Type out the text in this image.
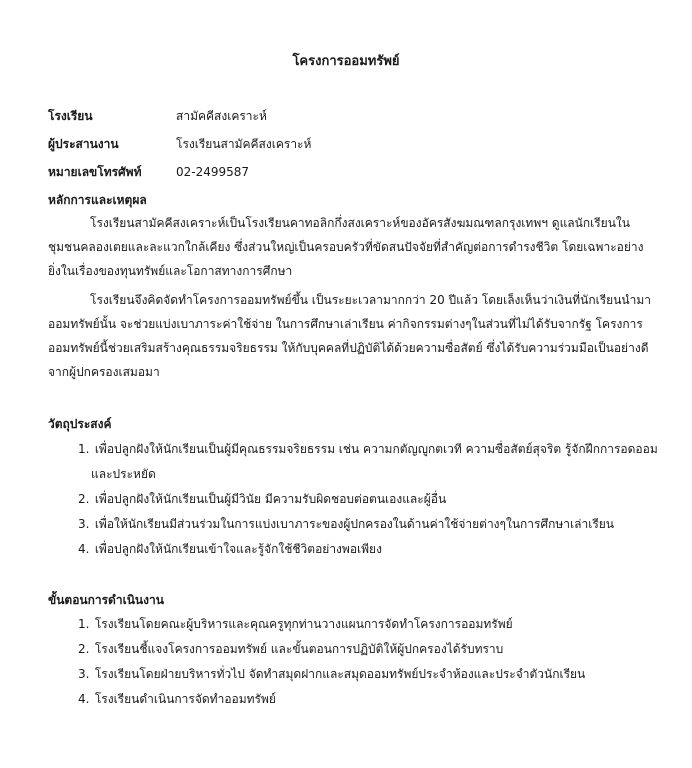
โครงการออมทรัพย์
โรงเรียน	สามัคคีสงเคราะห์
ผู้ประสานงาน	โรงเรียนสามัคคีสงเคราะห์
หมายเลขโทรศัพท์	02-2499587
หลักการและเหตุผล

โรงเรียนสามัคคีสงเคราะห์เป็นโรงเรียนคาทอลิกกึ่งสงเคราะห์ของอัครสังฆมณฑลกรุงเทพฯ ดูแลนักเรียนในชุมชนคลองเตยและละแวกใกล้เคียง ซึ่งส่วนใหญ่เป็นครอบครัวที่ขัดสนปัจจัยที่สำคัญต่อการดำรงชีวิต โดยเฉพาะอย่างยิ่งในเรื่องของทุนทรัพย์และโอกาสทางการศึกษา

โรงเรียนจึงคิดจัดทำโครงการออมทรัพย์ขึ้น เป็นระยะเวลามากกว่า 20 ปีแล้ว โดยเล็งเห็นว่าเงินที่นักเรียนนำมาออมทรัพย์นั้น จะช่วยแบ่งเบาภาระค่าใช้จ่าย ในการศึกษาเล่าเรียน ค่ากิจกรรมต่างๆในส่วนที่ไม่ได้รับจากรัฐ โครงการออมทรัพย์นี้ช่วยเสริมสร้างคุณธรรมจริยธรรม ให้กับบุคคลที่ปฏิบัติได้ด้วยความซื่อสัตย์ ซึ่งได้รับความร่วมมือเป็นอย่างดีจากผู้ปกครองเสมอมา

วัตถุประสงค์
1. เพื่อปลูกฝังให้นักเรียนเป็นผู้มีคุณธรรมจริยธรรม เช่น ความกตัญญูกตเวที ความซื่อสัตย์สุจริต รู้จักฝึกการอดออมและประหยัด
2. เพื่อปลูกฝังให้นักเรียนเป็นผู้มีวินัย มีความรับผิดชอบต่อตนเองและผู้อื่น
3. เพื่อให้นักเรียนมีส่วนร่วมในการแบ่งเบาภาระของผู้ปกครองในด้านค่าใช้จ่ายต่างๆในการศึกษาเล่าเรียน
4. เพื่อปลูกฝังให้นักเรียนเข้าใจและรู้จักใช้ชีวิตอย่างพอเพียง
ขั้นตอนการดำเนินงาน
1. โรงเรียนโดยคณะผู้บริหารและคุณครูทุกท่านวางแผนการจัดทำโครงการออมทรัพย์
2. โรงเรียนชี้แจงโครงการออมทรัพย์ และขั้นตอนการปฏิบัติให้ผู้ปกครองได้รับทราบ
3. โรงเรียนโดยฝ่ายบริหารทั่วไป จัดทำสมุดฝากและสมุดออมทรัพย์ประจำห้องและประจำตัวนักเรียน
4. โรงเรียนดำเนินการจัดทำออมทรัพย์
